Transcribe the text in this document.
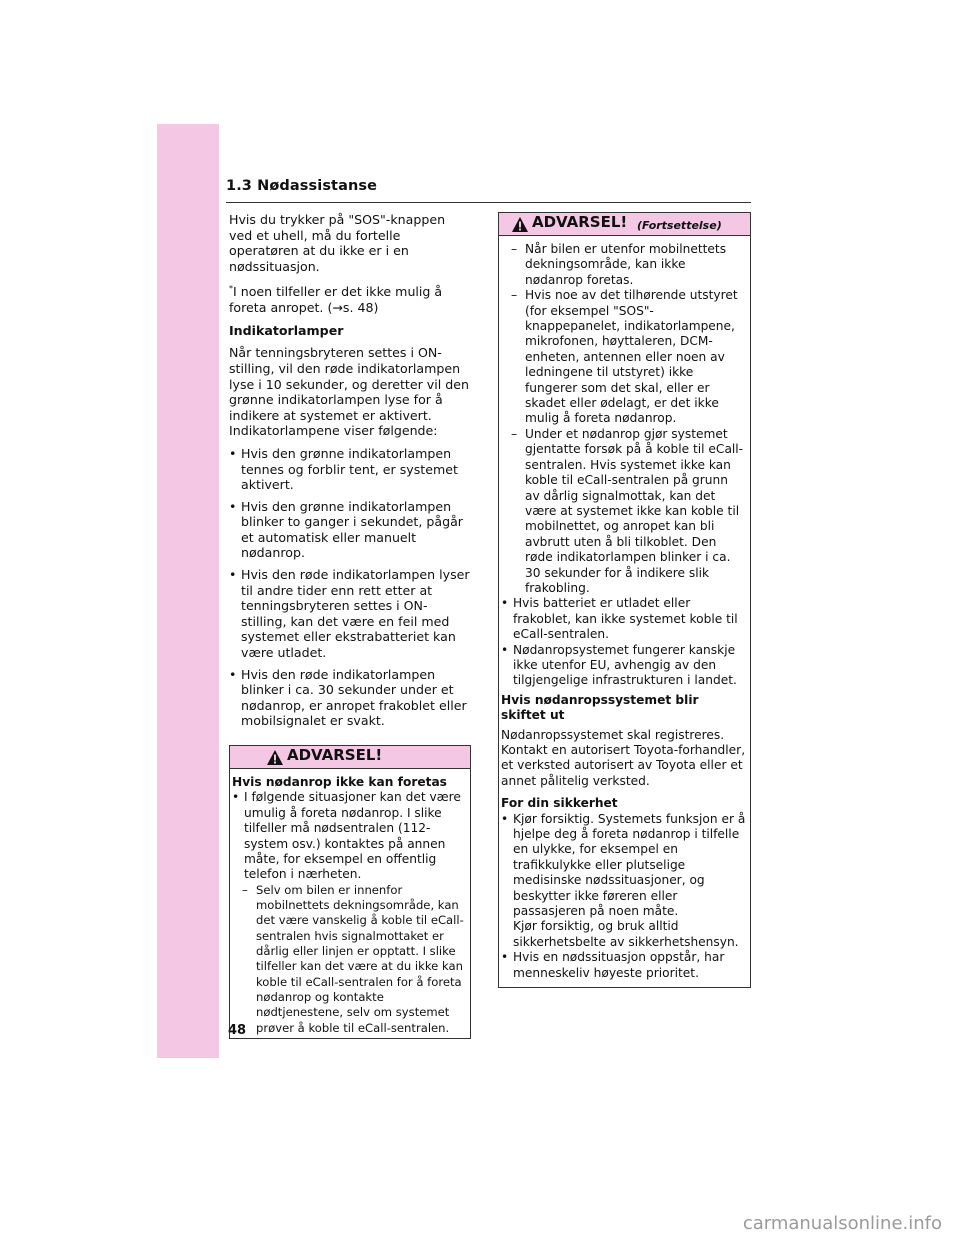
1.3 Nødassistanse

Hvis du trykker på "SOS"-knappen ved et uhell, må du fortelle operatøren at du ikke er i en nødssituasjon.

*I noen tilfeller er det ikke mulig å foreta anropet. (→s. 48)

Indikatorlamper

Når tenningsbryteren settes i ON-stilling, vil den røde indikatorlampen lyse i 10 sekunder, og deretter vil den grønne indikatorlampen lyse for å indikere at systemet er aktivert. Indikatorlampene viser følgende:

• Hvis den grønne indikatorlampen tennes og forblir tent, er systemet aktivert.
• Hvis den grønne indikatorlampen blinker to ganger i sekundet, pågår et automatisk eller manuelt nødanrop.
• Hvis den røde indikatorlampen lyser til andre tider enn rett etter at tenningsbryteren settes i ON-stilling, kan det være en feil med systemet eller ekstrabatteriet kan være utladet.
• Hvis den røde indikatorlampen blinker i ca. 30 sekunder under et nødanrop, er anropet frakoblet eller mobilsignalet er svakt.
ADVARSEL!
Hvis nødanrop ikke kan foretas
• I følgende situasjoner kan det være umulig å foreta nødanrop. I slike tilfeller må nødsentralen (112-system osv.) kontaktes på annen måte, for eksempel en offentlig telefon i nærheten.
– Selv om bilen er innenfor mobilnettets dekningsområde, kan det være vanskelig å koble til eCall-sentralen hvis signalmottaket er dårlig eller linjen er opptatt. I slike tilfeller kan det være at du ikke kan koble til eCall-sentralen for å foreta nødanrop og kontakte nødtjenestene, selv om systemet prøver å koble til eCall-sentralen.
ADVARSEL! (Fortsettelse)
– Når bilen er utenfor mobilnettets dekningsområde, kan ikke nødanrop foretas.
– Hvis noe av det tilhørende utstyret (for eksempel "SOS"-knappepanelet, indikatorlampene, mikrofonen, høyttaleren, DCM-enheten, antennen eller noen av ledningene til utstyret) ikke fungerer som det skal, eller er skadet eller ødelagt, er det ikke mulig å foreta nødanrop.
– Under et nødanrop gjør systemet gjentatte forsøk på å koble til eCall-sentralen. Hvis systemet ikke kan koble til eCall-sentralen på grunn av dårlig signalmottak, kan det være at systemet ikke kan koble til mobilnettet, og anropet kan bli avbrutt uten å bli tilkoblet. Den røde indikatorlampen blinker i ca. 30 sekunder for å indikere slik frakobling.
• Hvis batteriet er utladet eller frakoblet, kan ikke systemet koble til eCall-sentralen.
• Nødanropsystemet fungerer kanskje ikke utenfor EU, avhengig av den tilgjengelige infrastrukturen i landet.
Hvis nødanropssystemet blir skiftet ut

Nødanropssystemet skal registreres. Kontakt en autorisert Toyota-forhandler, et verksted autorisert av Toyota eller et annet pålitelig verksted.

For din sikkerhet
• Kjør forsiktig. Systemets funksjon er å hjelpe deg å foreta nødanrop i tilfelle en ulykke, for eksempel en trafikkulykke eller plutselige medisinske nødssituasjoner, og beskytter ikke føreren eller passasjeren på noen måte.
Kjør forsiktig, og bruk alltid sikkerhetsbelte av sikkerhetshensyn.
• Hvis en nødssituasjon oppstår, har menneskeliv høyeste prioritet.
48
carmanualsonline.info
